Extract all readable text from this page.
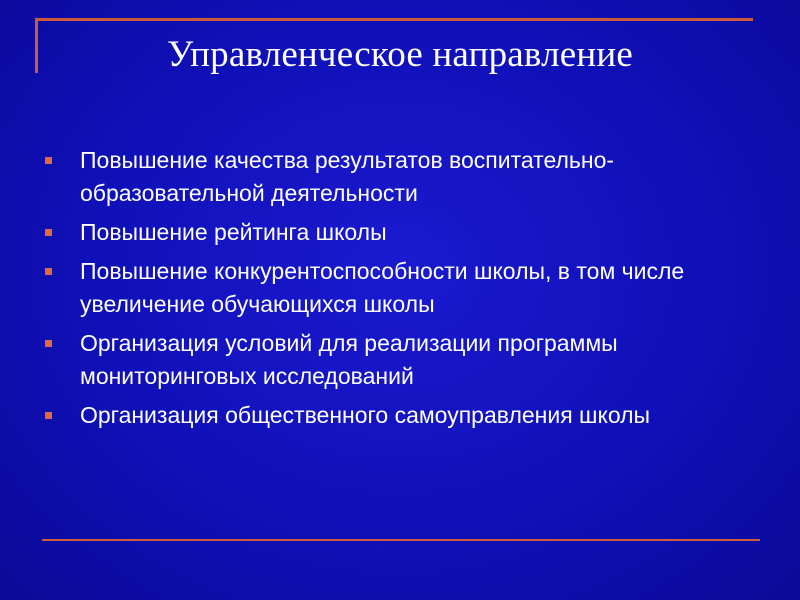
Управленческое направление
Повышение качества результатов воспитательно-образовательной деятельности
Повышение рейтинга школы
Повышение конкурентоспособности школы, в том числе увеличение обучающихся школы
Организация условий для реализации программы мониторинговых исследований
Организация общественного самоуправления школы
